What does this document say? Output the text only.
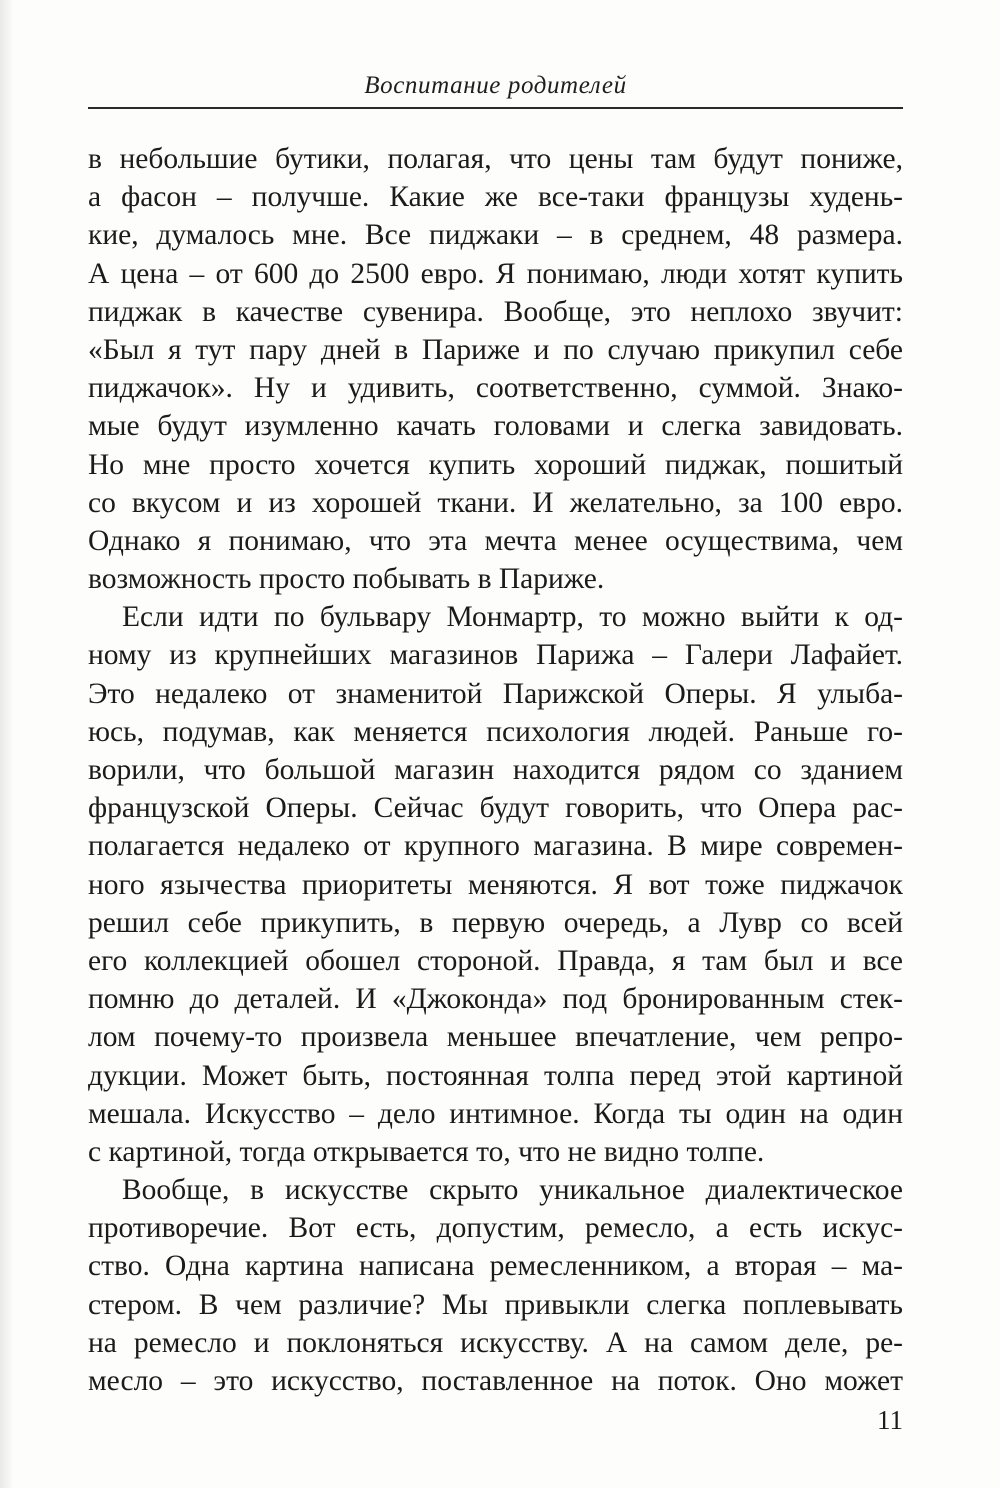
Воспитание родителей

в небольшие бутики, полагая, что цены там будут пониже,
а фасон – получше. Какие же все-таки французы худень-
кие, думалось мне. Все пиджаки – в среднем, 48 размера.
А цена – от 600 до 2500 евро. Я понимаю, люди хотят купить
пиджак в качестве сувенира. Вообще, это неплохо звучит:
«Был я тут пару дней в Париже и по случаю прикупил себе
пиджачок». Ну и удивить, соответственно, суммой. Знако-
мые будут изумленно качать головами и слегка завидовать.
Но мне просто хочется купить хороший пиджак, пошитый
со вкусом и из хорошей ткани. И желательно, за 100 евро.
Однако я понимаю, что эта мечта менее осуществима, чем
возможность просто побывать в Париже.

Если идти по бульвару Монмартр, то можно выйти к од-
ному из крупнейших магазинов Парижа – Галери Лафайет.
Это недалеко от знаменитой Парижской Оперы. Я улыба-
юсь, подумав, как меняется психология людей. Раньше го-
ворили, что большой магазин находится рядом со зданием
французской Оперы. Сейчас будут говорить, что Опера рас-
полагается недалеко от крупного магазина. В мире современ-
ного язычества приоритеты меняются. Я вот тоже пиджачок
решил себе прикупить, в первую очередь, а Лувр со всей
его коллекцией обошел стороной. Правда, я там был и все
помню до деталей. И «Джоконда» под бронированным стек-
лом почему-то произвела меньшее впечатление, чем репро-
дукции. Может быть, постоянная толпа перед этой картиной
мешала. Искусство – дело интимное. Когда ты один на один
с картиной, тогда открывается то, что не видно толпе.

Вообще, в искусстве скрыто уникальное диалектическое
противоречие. Вот есть, допустим, ремесло, а есть искус-
ство. Одна картина написана ремесленником, а вторая – ма-
стером. В чем различие? Мы привыкли слегка поплевывать
на ремесло и поклоняться искусству. А на самом деле, ре-
месло – это искусство, поставленное на поток. Оно может

11
